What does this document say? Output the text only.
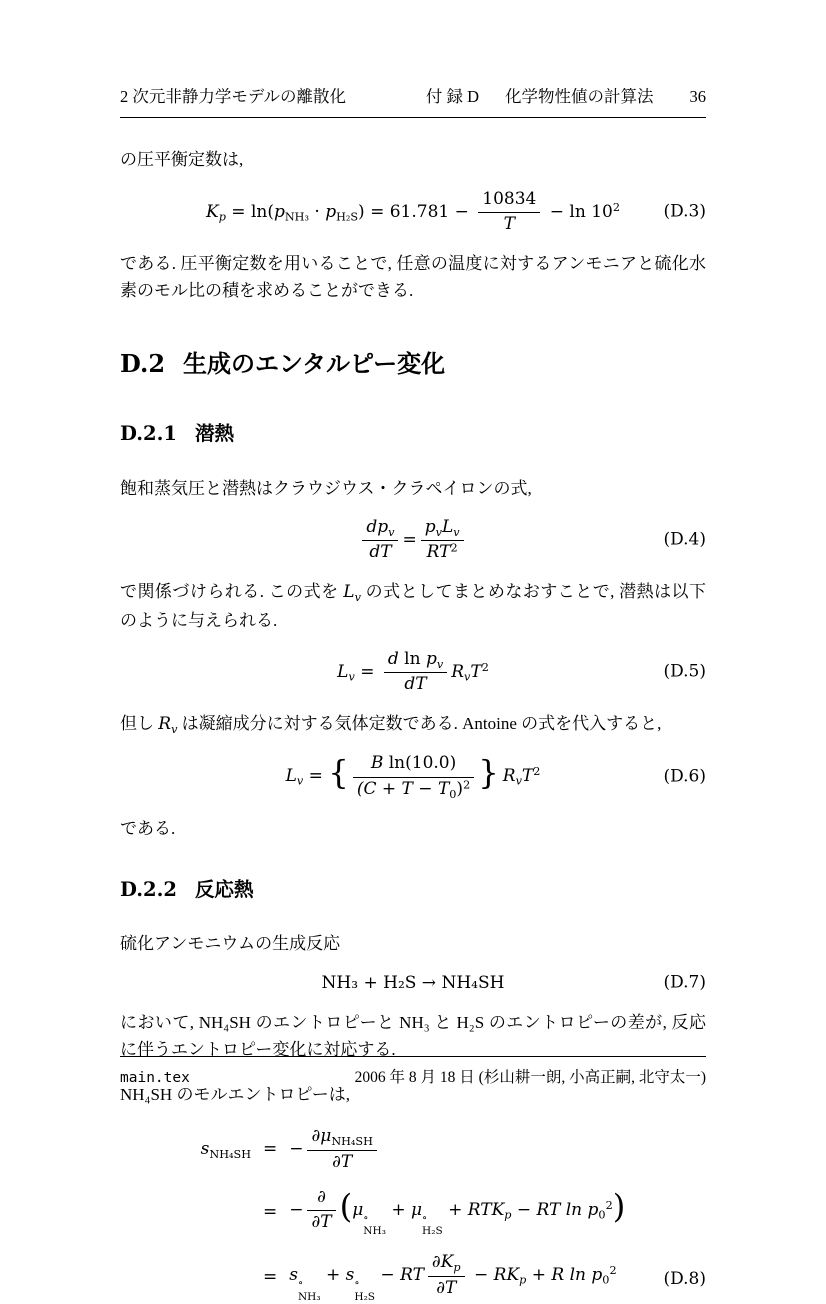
2 次元非静力学モデルの離散化	付 録 D 化学物性値の計算法 36

の圧平衡定数は,

$K_p = \ln(p_{NH_3} \cdot p_{H_2S}) = 61.781 - \frac{10834}{T} - \ln 10^2$	(D.3)

である. 圧平衡定数を用いることで, 任意の温度に対するアンモニアと硫化水素のモル比の積を求めることができる.

D.2 生成のエンタルピー変化
D.2.1 潜熱

飽和蒸気圧と潜熱はクラウジウス・クラペイロンの式,

$\frac{dp_v}{dT} = \frac{p_vL_v}{RT^2}$	(D.4)

で関係づけられる. この式を $L_v$ の式としてまとめなおすことで, 潜熱は以下のように与えられる.

$L_v = \frac{d \ln p_v}{dT} R_vT^2$	(D.5)

但し $R_v$ は凝縮成分に対する気体定数である. Antoine の式を代入すると,

$L_v$ = { $\frac{\text{B ln(10.0)}}{(C + T - T_0)^2}$ } $R_vT^2$	(D.6)

である.

D.2.2 反応熱

硫化アンモニウムの生成反応

NH₃ + H₂S → NH₄SH	(D.7)

において, NH₄SH のエントロピーと NH₃ と H₂S のエントロピーの差が, 反応に伴うエントロピー変化に対応する.

NH₄SH のモルエントロピーは,

$s_{NH_4SH}$ = − $\frac{\partial\mu_{NH_4SH}}{\partial T}$
= − $\frac{\partial}{\partial T} (\mu$ ∘
NH₃
+ μ ∘
H₂S
+ $RTK_p$ − RT $\ln p_0^2$)
= s ∘
NH₃
+ s ∘
H₂S
− RT $\frac{\partial K_p}{\partial T} - RK_p + R$ $\ln p_0^2$	(D.8)
main.tex	2006 年 8 月 18 日 (杉山耕一朗, 小高正嗣, 北守太一)
